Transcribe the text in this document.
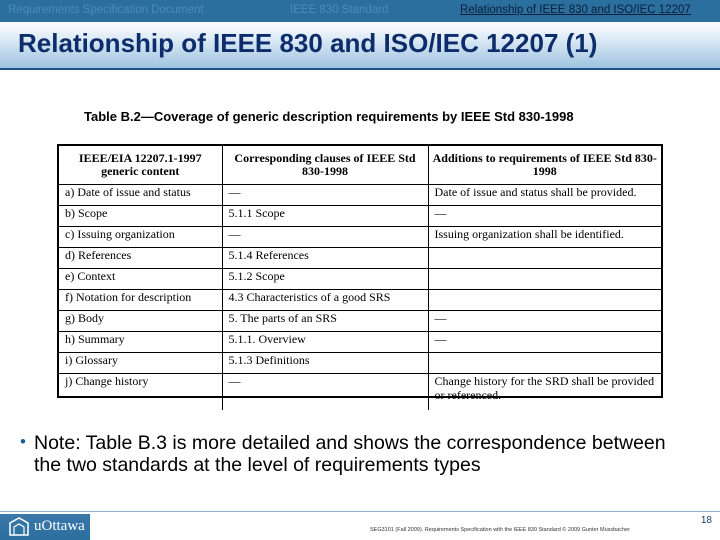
Requirements Specification Document	IEEE 830 Standard	Relationship of IEEE 830 and ISO/IEC 12207
Relationship of IEEE 830 and ISO/IEC 12207 (1)
Table B.2—Coverage of generic description requirements by IEEE Std 830-1998
IEEE/EIA 12207.1-1997 generic content	Corresponding clauses of IEEE Std 830-1998	Additions to requirements of IEEE Std 830-1998
a) Date of issue and status	—	Date of issue and status shall be provided.
b) Scope	5.1.1 Scope	—
c) Issuing organization	—	Issuing organization shall be identified.
d) References	5.1.4 References	
e) Context	5.1.2 Scope	
f) Notation for description	4.3 Characteristics of a good SRS	
g) Body	5. The parts of an SRS	—
h) Summary	5.1.1. Overview	—
i) Glossary	5.1.3 Definitions	
j) Change history	—	Change history for the SRD shall be provided or referenced.
• Note: Table B.3 is more detailed and shows the correspondence between the two standards at the level of requirements types
18
SEG3101 (Fall 2009). Requirements Specification with the IEEE 830 Standard © 2009 Gunter Mussbacher
uOttawa
